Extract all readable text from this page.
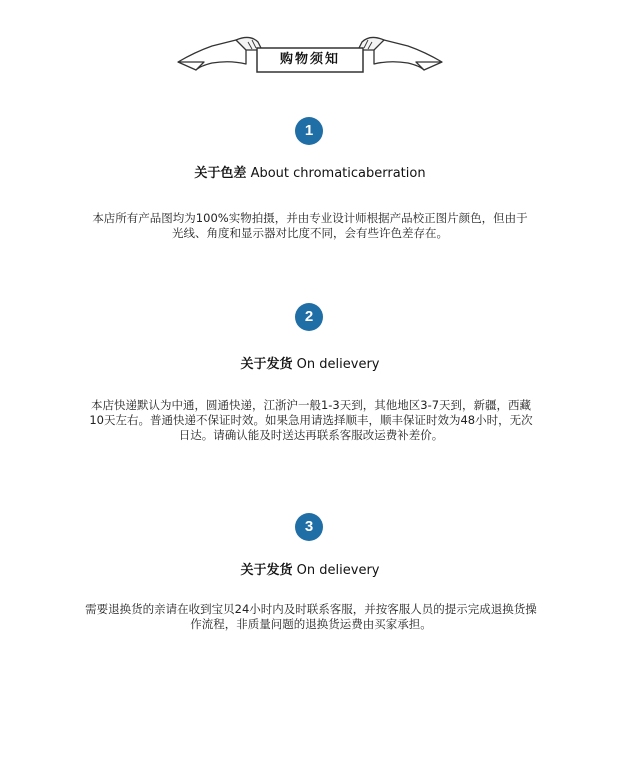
购物须知
1
关于色差 About chromaticaberration

本店所有产品图均为100%实物拍摄，并由专业设计师根据产品校正图片颜色，但由于光线、角度和显示器对比度不同，会有些许色差存在。

2
关于发货 On delievery

本店快递默认为中通，圆通快递，江浙沪一般1-3天到，其他地区3-7天到，新疆，西藏10天左右。普通快递不保证时效。如果急用请选择顺丰，顺丰保证时效为48小时，无次日达。请确认能及时送达再联系客服改运费补差价。

3
关于发货 On delievery

需要退换货的亲请在收到宝贝24小时内及时联系客服，并按客服人员的提示完成退换货操作流程，非质量问题的退换货运费由买家承担。
